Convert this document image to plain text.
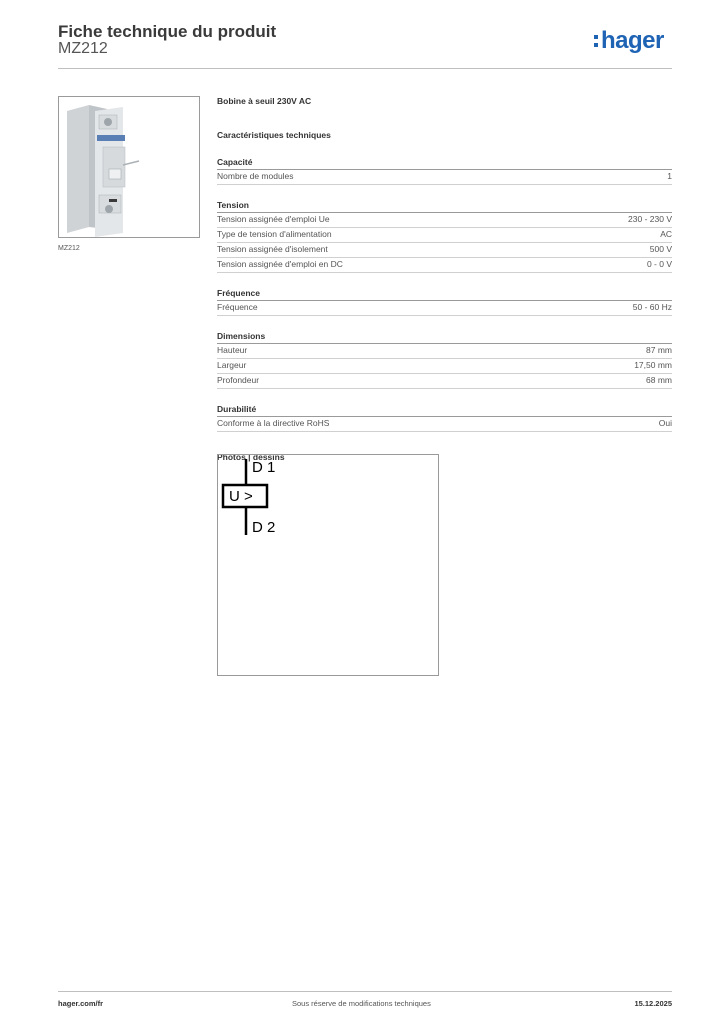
Fiche technique du produit
MZ212	hager
MZ212
Bobine à seuil 230V AC
Caractéristiques techniques
Capacité
Nombre de modules	1
Tension
Tension assignée d'emploi Ue	230 - 230 V
Type de tension d'alimentation	AC
Tension assignée d'isolement	500 V
Tension assignée d'emploi en DC	0 - 0 V
Fréquence
Fréquence	50 - 60 Hz
Dimensions
Hauteur	87 mm
Largeur	17,50 mm
Profondeur	68 mm
Durabilité
Conforme à la directive RoHS	Oui
Photos | dessins
D 1
U >
D 2
hager.com/fr	Sous réserve de modifications techniques	15.12.2025
